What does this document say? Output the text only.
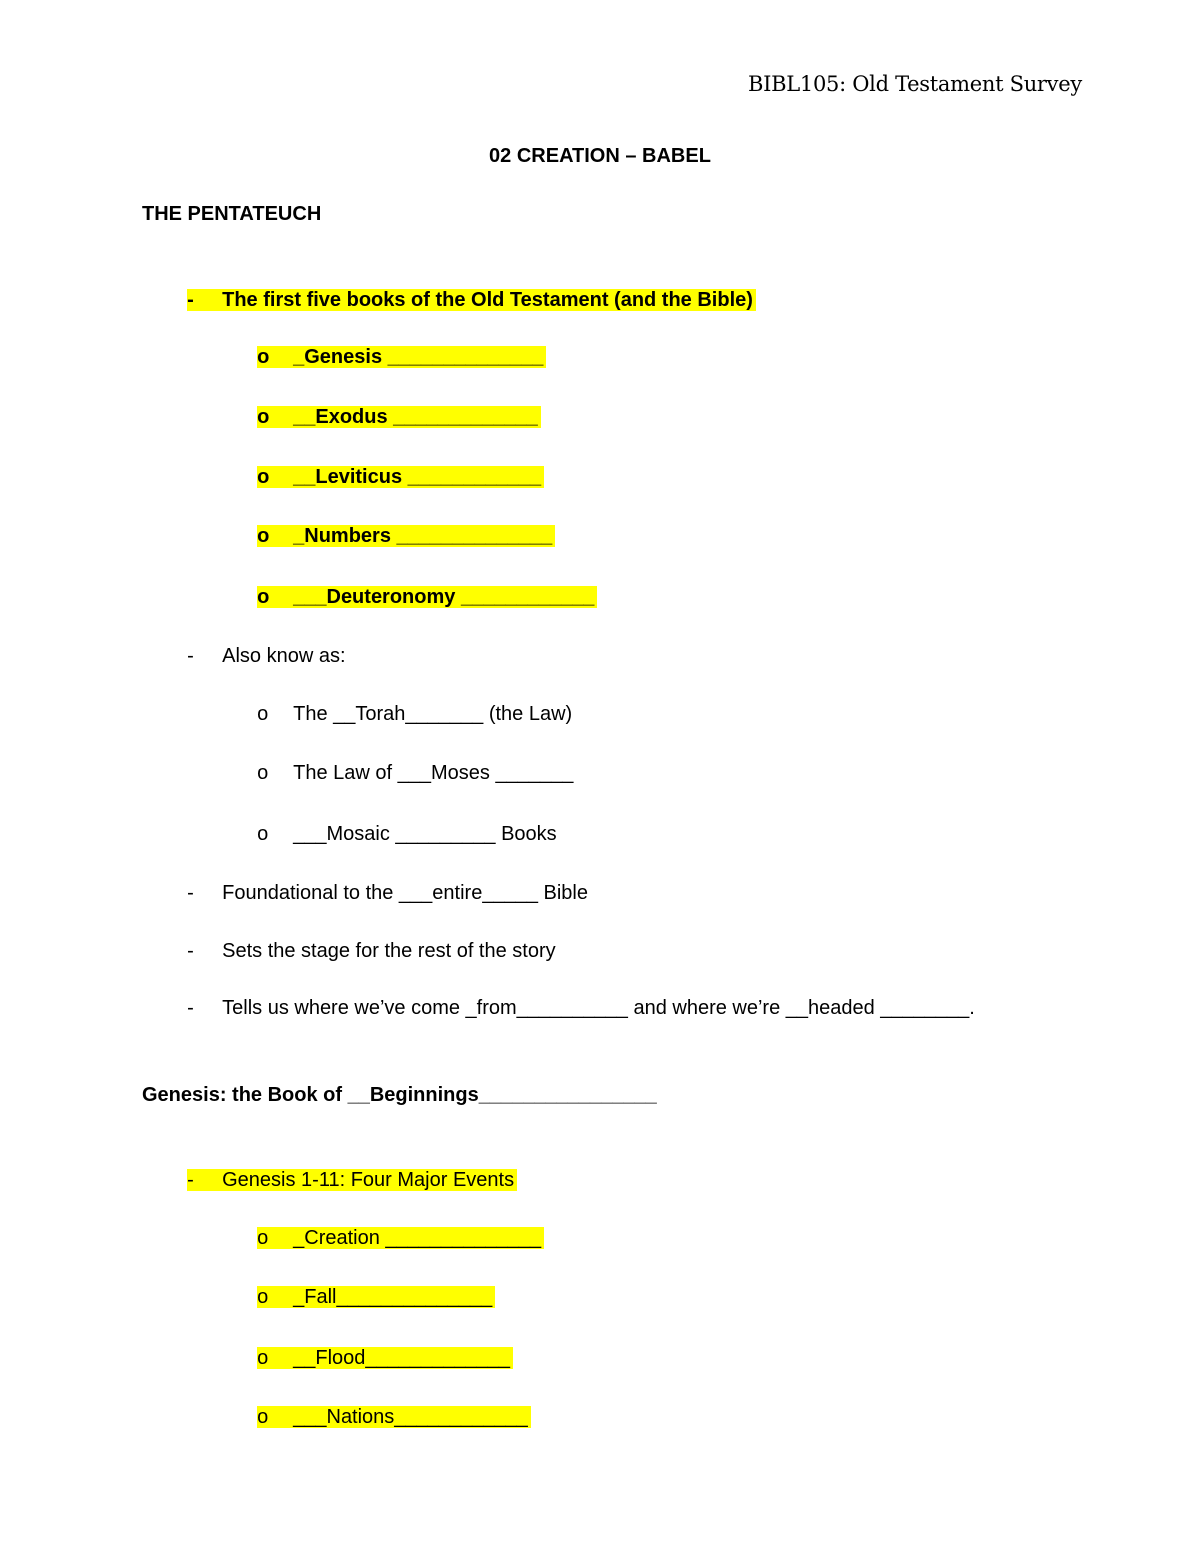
BIBL105: Old Testament Survey
02 CREATION – BABEL
THE PENTATEUCH

- The first five books of the Old Testament (and the Bible)

o _Genesis ______________

o __Exodus _____________

o __Leviticus ____________

o _Numbers ______________

o ___Deuteronomy ____________

- Also know as:

o The __Torah_______ (the Law)

o The Law of ___Moses _______

o ___Mosaic _________ Books

- Foundational to the ___entire_____ Bible

- Sets the stage for the rest of the story

- Tells us where we’ve come _from__________ and where we’re __headed ________.

Genesis: the Book of __Beginnings________________

- Genesis 1-11: Four Major Events

o _Creation ______________

o _Fall______________

o __Flood_____________

o ___Nations____________
